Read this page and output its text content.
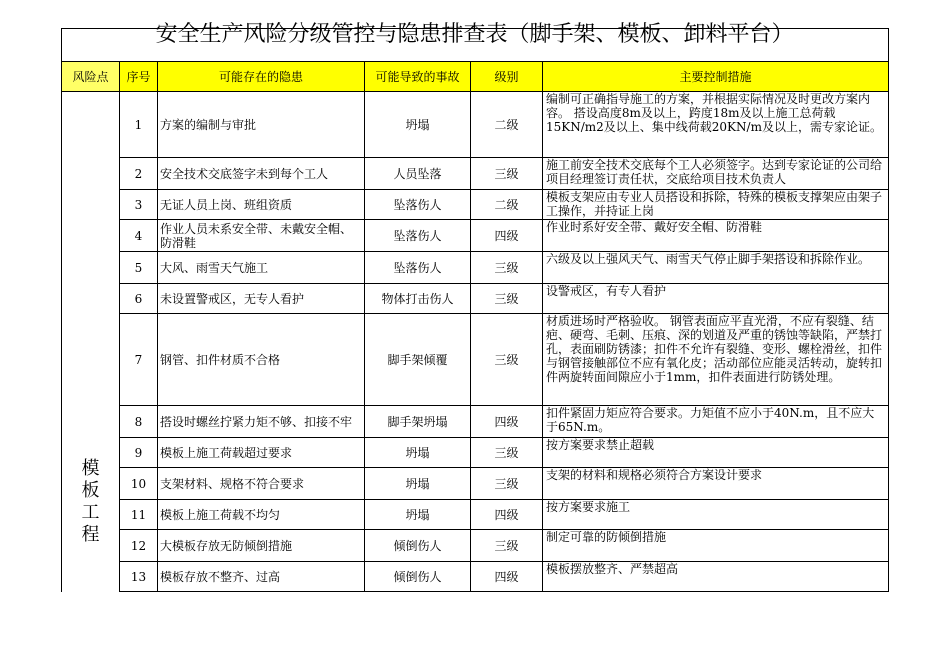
安全生产风险分级管控与隐患排查表（脚手架、模板、卸料平台）
风险点	序号	可能存在的隐患	可能导致的事故	级别	主要控制措施

模
板
工
程	1	方案的编制与审批	坍塌	二级	编制可正确指导施工的方案，并根据实际情况及时更改方案内容。 搭设高度8m及以上，跨度18m及以上施工总荷载15KN/m2及以上、集中线荷载20KN/m及以上，需专家论证。
	2	安全技术交底签字未到每个工人	人员坠落	三级	施工前安全技术交底每个工人必须签字。达到专家论证的公司给项目经理签订责任状，交底给项目技术负责人
	3	无证人员上岗、班组资质	坠落伤人	二级	模板支架应由专业人员搭设和拆除，特殊的模板支撑架应由架子工操作，并持证上岗
	4	作业人员未系安全带、未戴安全帽、防滑鞋	坠落伤人	四级	作业时系好安全带、戴好安全帽、防滑鞋
	5	大风、雨雪天气施工	坠落伤人	三级	六级及以上强风天气、雨雪天气停止脚手架搭设和拆除作业。
	6	未设置警戒区，无专人看护	物体打击伤人	三级	设警戒区，有专人看护
	7	钢管、扣件材质不合格	脚手架倾覆	三级	材质进场时严格验收。 钢管表面应平直光滑，不应有裂缝、结疤、硬弯、毛刺、压痕、深的划道及严重的锈蚀等缺陷，严禁打孔，表面刷防锈漆；扣件不允许有裂缝、变形、螺栓滑丝，扣件与钢管接触部位不应有氧化皮；活动部位应能灵活转动，旋转扣件两旋转面间隙应小于1mm，扣件表面进行防锈处理。
	8	搭设时螺丝拧紧力矩不够、扣接不牢	脚手架坍塌	四级	扣件紧固力矩应符合要求。力矩值不应小于40N.m，且不应大于65N.m。
	9	模板上施工荷载超过要求	坍塌	三级	按方案要求禁止超载
	10	支架材料、规格不符合要求	坍塌	三级	支架的材料和规格必须符合方案设计要求
	11	模板上施工荷载不均匀	坍塌	四级	按方案要求施工
	12	大模板存放无防倾倒措施	倾倒伤人	三级	制定可靠的防倾倒措施
	13	模板存放不整齐、过高	倾倒伤人	四级	模板摆放整齐、严禁超高
